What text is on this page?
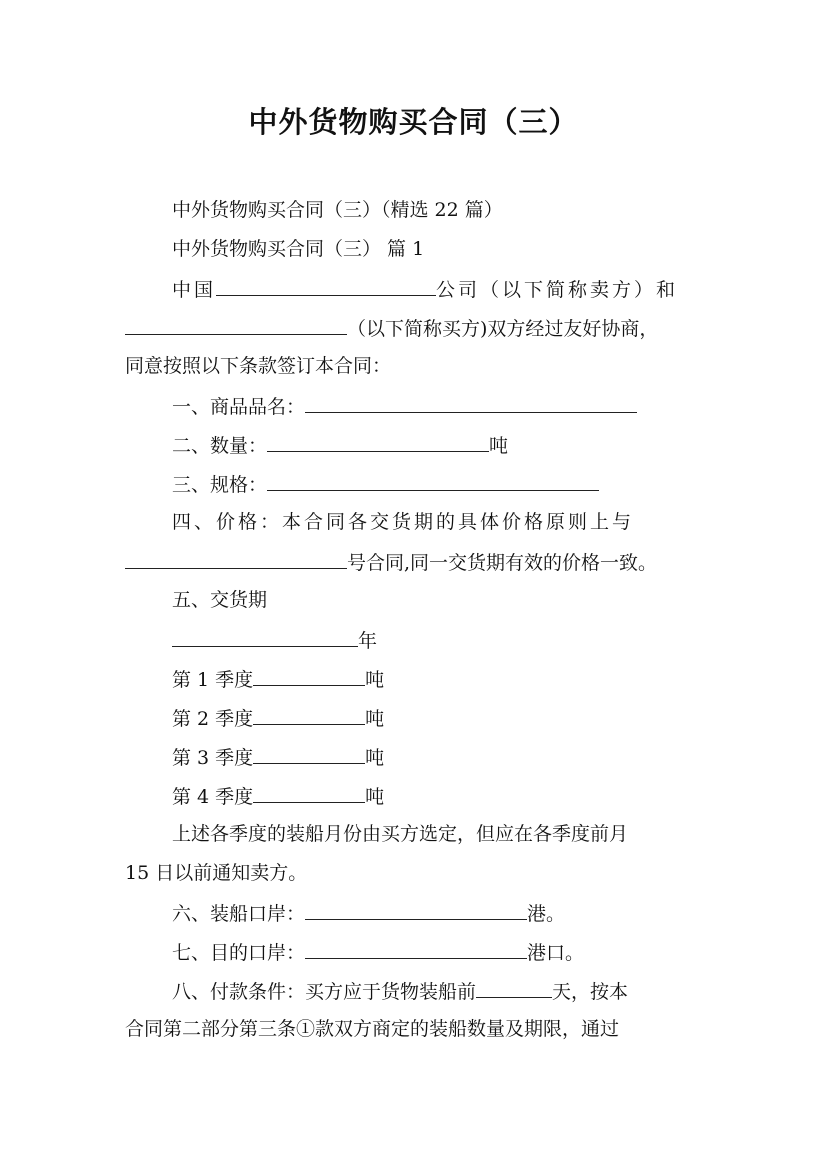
中外货物购买合同（三）
中外货物购买合同（三）（精选 22 篇）
中外货物购买合同（三） 篇 1
中国	公司（以下简称卖方）和
（以下简称买方)双方经过友好协商，
同意按照以下条款签订本合同：
一、商品品名：
二、数量：	吨
三、规格：
四、价格：本合同各交货期的具体价格原则上与
号合同,同一交货期有效的价格一致。
五、交货期
年
第 1 季度	吨
第 2 季度	吨
第 3 季度	吨
第 4 季度	吨
上述各季度的装船月份由买方选定，但应在各季度前月
15 日以前通知卖方。
六、装船口岸：	港。
七、目的口岸：	港口。
八、付款条件：买方应于货物装船前	天，按本
合同第二部分第三条①款双方商定的装船数量及期限，通过
